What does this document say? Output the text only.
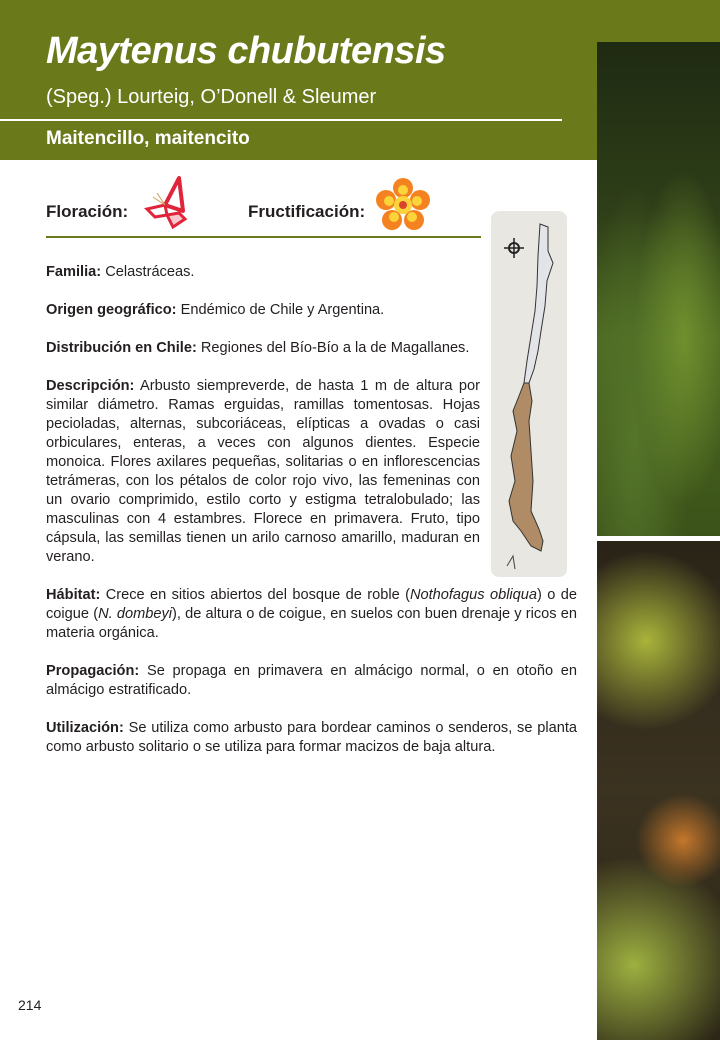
Maytenus chubutensis
(Speg.) Lourteig, O’Donell & Sleumer
Maitencillo, maitencito
Floración:	Fructificación:

Familia: Celastráceas.

Origen geográfico: Endémico de Chile y Argentina.

Distribución en Chile: Regiones del Bío-Bío a la de Magallanes.

Descripción: Arbusto siempreverde, de hasta 1 m de altura por similar diámetro. Ramas erguidas, ramillas tomentosas. Hojas pecioladas, alternas, subcoriáceas, elípticas a ovadas o casi orbiculares, enteras, a veces con algunos dientes. Especie monoica. Flores axilares pequeñas, solitarias o en inflorescencias tetrámeras, con los pétalos de color rojo vivo, las femeninas con un ovario comprimido, estilo corto y estigma tetralobulado; las masculinas con 4 estambres. Florece en primavera. Fruto, tipo cápsula, las semillas tienen un arilo carnoso amarillo, maduran en verano.

Hábitat: Crece en sitios abiertos del bosque de roble (Nothofagus obliqua) o de coigue (N. dombeyi), de altura o de coigue, en suelos con buen drenaje y ricos en materia orgánica.

Propagación: Se propaga en primavera en almácigo normal, o en otoño en almácigo estratificado.

Utilización: Se utiliza como arbusto para bordear caminos o senderos, se planta como arbusto solitario o se utiliza para formar macizos de baja altura.

214
